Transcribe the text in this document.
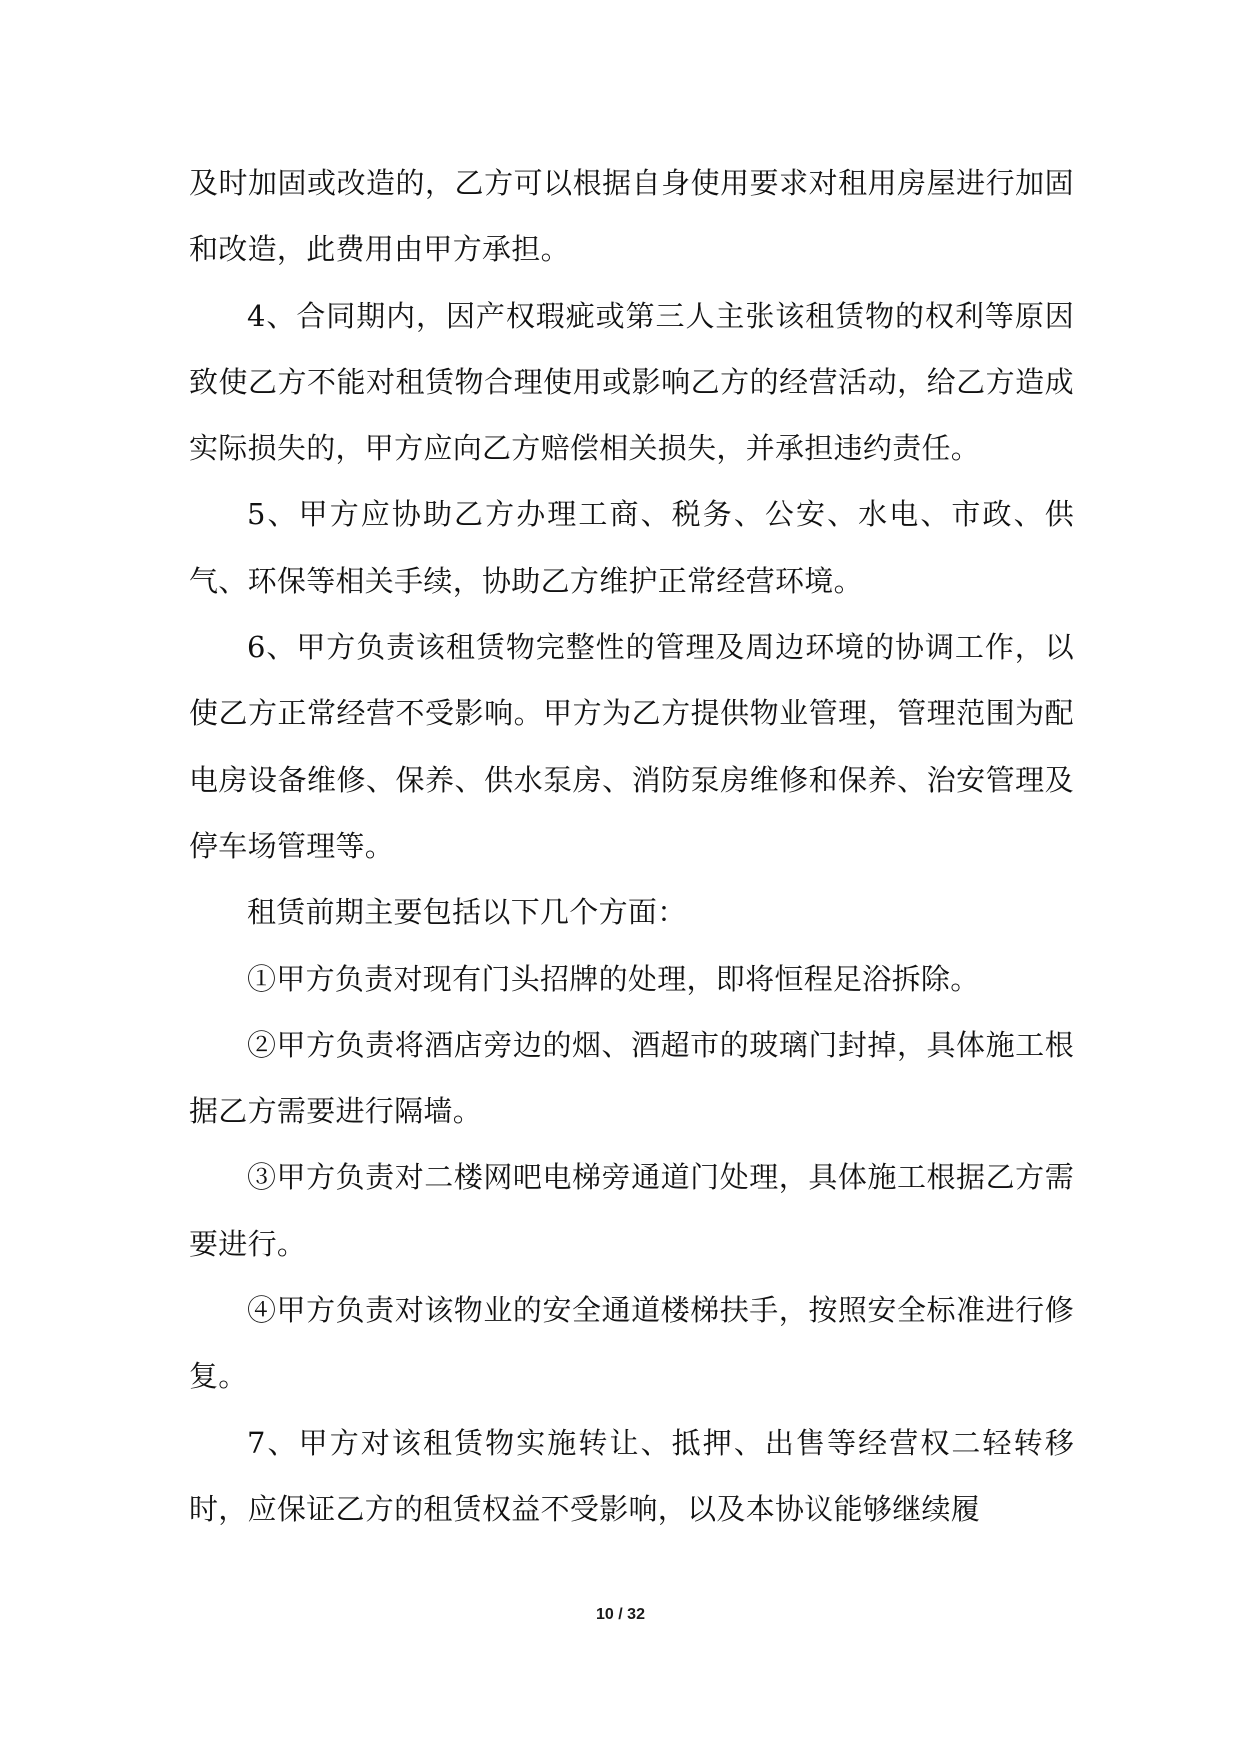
及时加固或改造的，乙方可以根据自身使用要求对租用房屋进行加固和改造，此费用由甲方承担。

4、合同期内，因产权瑕疵或第三人主张该租赁物的权利等原因致使乙方不能对租赁物合理使用或影响乙方的经营活动，给乙方造成实际损失的，甲方应向乙方赔偿相关损失，并承担违约责任。

5、甲方应协助乙方办理工商、税务、公安、水电、市政、供气、环保等相关手续，协助乙方维护正常经营环境。

6、甲方负责该租赁物完整性的管理及周边环境的协调工作，以使乙方正常经营不受影响。甲方为乙方提供物业管理，管理范围为配电房设备维修、保养、供水泵房、消防泵房维修和保养、治安管理及停车场管理等。

租赁前期主要包括以下几个方面：

①甲方负责对现有门头招牌的处理，即将恒程足浴拆除。

②甲方负责将酒店旁边的烟、酒超市的玻璃门封掉，具体施工根据乙方需要进行隔墙。

③甲方负责对二楼网吧电梯旁通道门处理，具体施工根据乙方需要进行。

④甲方负责对该物业的安全通道楼梯扶手，按照安全标准进行修复。

7、甲方对该租赁物实施转让、抵押、出售等经营权二轻转移时，应保证乙方的租赁权益不受影响，以及本协议能够继续履

10 / 32
